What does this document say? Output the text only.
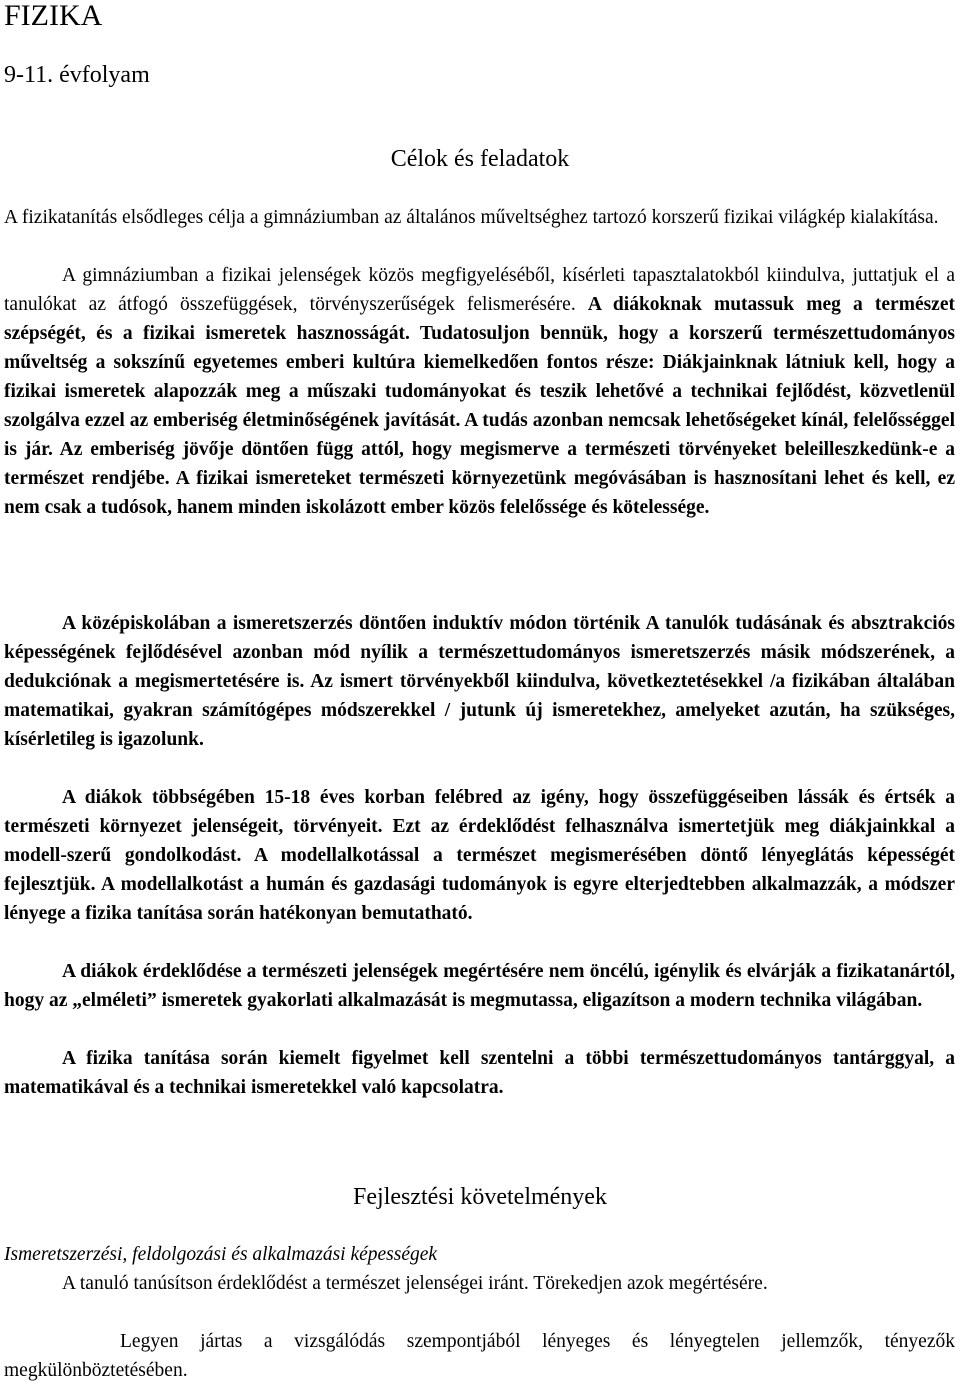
FIZIKA
9-11. évfolyam
Célok és feladatok

A fizikatanítás elsődleges célja a gimnáziumban az általános műveltséghez tartozó korszerű fizikai világkép kialakítása.

A gimnáziumban a fizikai jelenségek közös megfigyeléséből, kísérleti tapasztalatokból kiindulva, juttatjuk el a tanulókat az átfogó összefüggések, törvényszerűségek felismerésére. A diákoknak mutassuk meg a természet szépségét, és a fizikai ismeretek hasznosságát. Tudatosuljon bennük, hogy a korszerű természettudományos műveltség a sokszínű egyetemes emberi kultúra kiemelkedően fontos része: Diákjainknak látniuk kell, hogy a fizikai ismeretek alapozzák meg a műszaki tudományokat és teszik lehetővé a technikai fejlődést, közvetlenül szolgálva ezzel az emberiség életminőségének javítását. A tudás azonban nemcsak lehetőségeket kínál, felelősséggel is jár. Az emberiség jövője döntően függ attól, hogy megismerve a természeti törvényeket beleilleszkedünk-e a természet rendjébe. A fizikai ismereteket természeti környezetünk megóvásában is hasznosítani lehet és kell, ez nem csak a tudósok, hanem minden iskolázott ember közös felelőssége és kötelessége.

A középiskolában a ismeretszerzés döntően induktív módon történik A tanulók tudásának és absztrakciós képességének fejlődésével azonban mód nyílik a természettudományos ismeretszerzés másik módszerének, a dedukciónak a megismertetésére is. Az ismert törvényekből kiindulva, következtetésekkel /a fizikában általában matematikai, gyakran számítógépes módszerekkel / jutunk új ismeretekhez, amelyeket azután, ha szükséges, kísérletileg is igazolunk.

A diákok többségében 15-18 éves korban felébred az igény, hogy összefüggéseiben lássák és értsék a természeti környezet jelenségeit, törvényeit. Ezt az érdeklődést felhasználva ismertetjük meg diákjainkkal a modell-szerű gondolkodást. A modellalkotással a természet megismerésében döntő lényeglátás képességét fejlesztjük. A modellalkotást a humán és gazdasági tudományok is egyre elterjedtebben alkalmazzák, a módszer lényege a fizika tanítása során hatékonyan bemutatható.

A diákok érdeklődése a természeti jelenségek megértésére nem öncélú, igénylik és elvárják a fizikatanártól, hogy az „elméleti” ismeretek gyakorlati alkalmazását is megmutassa, eligazítson a modern technika világában.

A fizika tanítása során kiemelt figyelmet kell szentelni a többi természettudományos tantárggyal, a matematikával és a technikai ismeretekkel való kapcsolatra.

Fejlesztési követelmények

Ismeretszerzési, feldolgozási és alkalmazási képességek

A tanuló tanúsítson érdeklődést a természet jelenségei iránt. Törekedjen azok megértésére.

Legyen jártas a vizsgálódás szempontjából lényeges és lényegtelen jellemzők, tényezők megkülönböztetésében.
